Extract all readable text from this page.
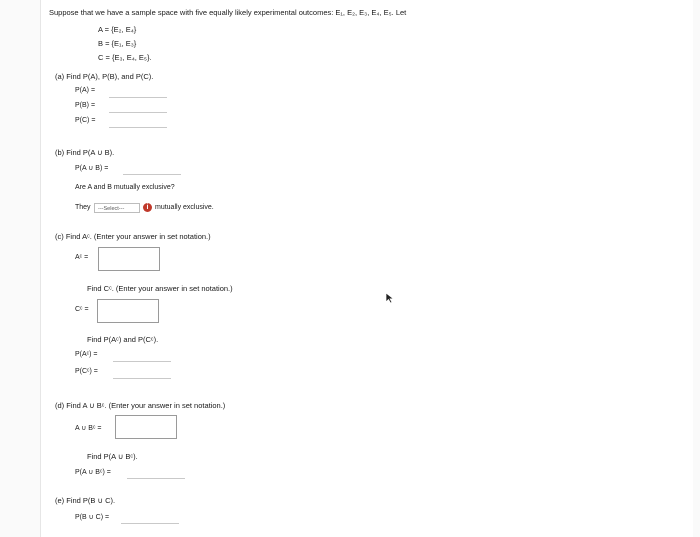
Suppose that we have a sample space with five equally likely experimental outcomes: E₁, E₂, E₃, E₄, E₅. Let
A = {E₂, E₄}
B = {E₁, E₃}
C = {E₃, E₄, E₅}.
(a) Find P(A), P(B), and P(C).
P(A) =
P(B) =
P(C) =
(b) Find P(A ∪ B).
P(A ∪ B) =
Are A and B mutually exclusive?
They	---Select---	i mutually exclusive.
(c) Find Aᶜ. (Enter your answer in set notation.)
Aᶜ =
Find Cᶜ. (Enter your answer in set notation.)
Cᶜ =
Find P(Aᶜ) and P(Cᶜ).
P(Aᶜ) =
P(Cᶜ) =
(d) Find A ∪ Bᶜ. (Enter your answer in set notation.)
A ∪ Bᶜ =
Find P(A ∪ Bᶜ).
P(A ∪ Bᶜ) =
(e) Find P(B ∪ C).
P(B ∪ C) =
